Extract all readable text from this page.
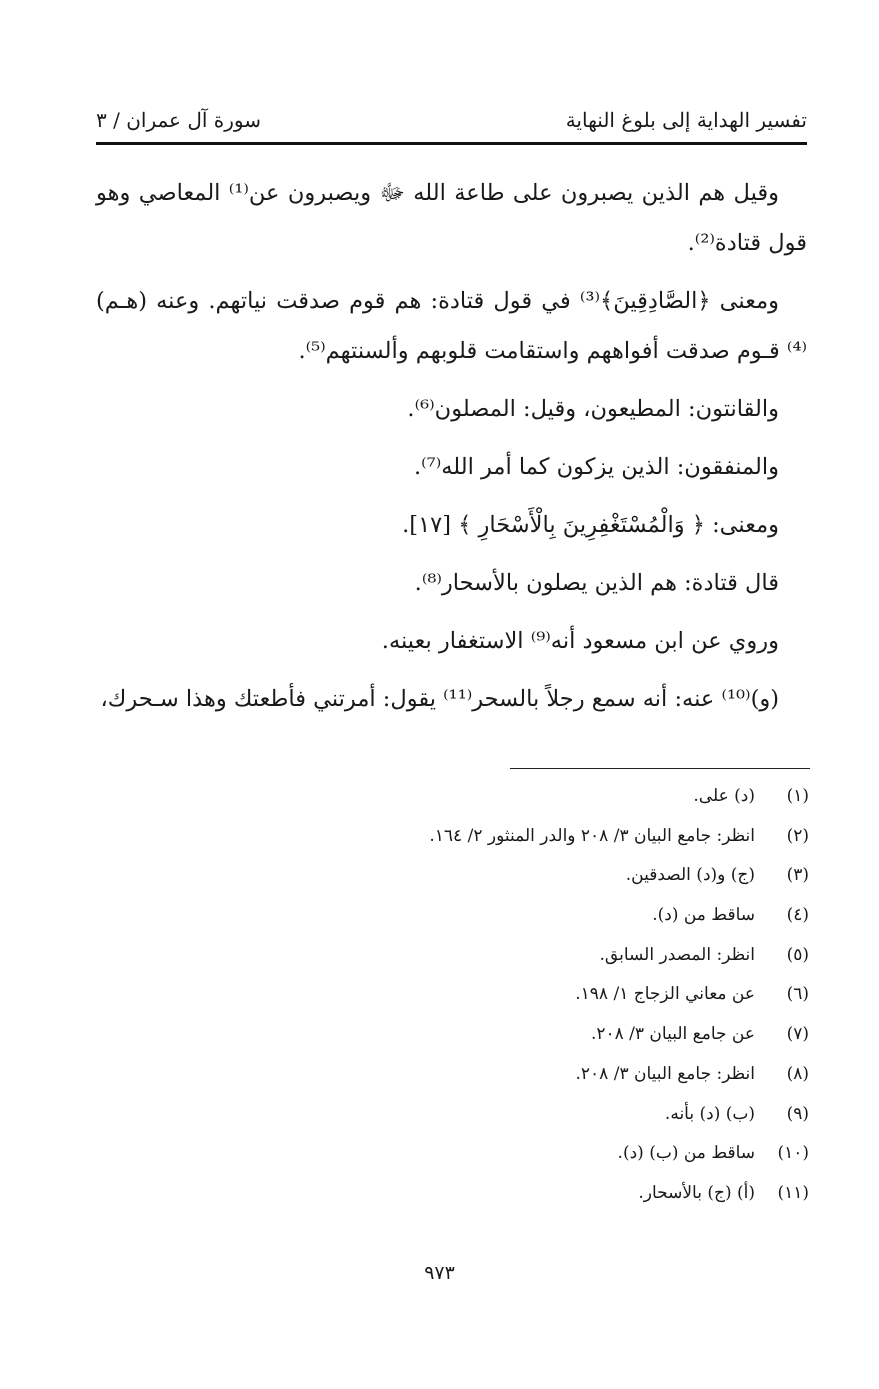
تفسير الهداية إلى بلوغ النهاية
سورة آل عمران / ٣

وقيل هم الذين يصبرون على طاعة الله ﷻ ويصبرون عن⁽¹⁾ المعاصي وهو قول قتادة⁽²⁾.

ومعنى ﴿الصَّادِقِينَ﴾⁽³⁾ في قول قتادة: هم قوم صدقت نياتهم. وعنه (هـم)⁽⁴⁾ قـوم صدقت أفواههم واستقامت قلوبهم وألسنتهم⁽⁵⁾.

والقانتون: المطيعون، وقيل: المصلون⁽⁶⁾.

والمنفقون: الذين يزكون كما أمر الله⁽⁷⁾.

ومعنى: ﴿ وَالْمُسْتَغْفِرِينَ بِالْأَسْحَارِ ﴾ [١٧].

قال قتادة: هم الذين يصلون بالأسحار⁽⁸⁾.

وروي عن ابن مسعود أنه⁽⁹⁾ الاستغفار بعينه.

(و)⁽¹⁰⁾ عنه: أنه سمع رجلاً بالسحر⁽¹¹⁾ يقول: أمرتني فأطعتك وهذا سـحرك،

(١)
(د) على.
(٢)
انظر: جامع البيان ٣/ ٢٠٨ والدر المنثور ٢/ ١٦٤.
(٣)
(ج) و(د) الصدقين.
(٤)
ساقط من (د).
(٥)
انظر: المصدر السابق.
(٦)
عن معاني الزجاج ١/ ١٩٨.
(٧)
عن جامع البيان ٣/ ٢٠٨.
(٨)
انظر: جامع البيان ٣/ ٢٠٨.
(٩)
(ب) (د) بأنه.
(١٠)
ساقط من (ب) (د).
(١١)
(أ) (ج) بالأسحار.
٩٧٣
